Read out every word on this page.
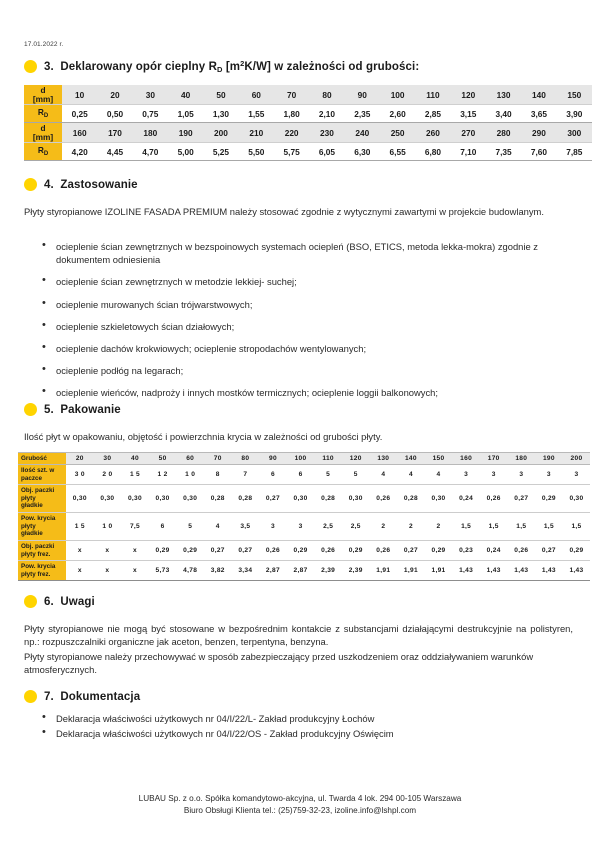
17.01.2022 r.
3. Deklarowany opór cieplny $R_D$ $[m^2K/W]$ w zależności od grubości:
d
[mm]	10	20	30	40	50	60	70	80	90	100	110	120	130	140	150
$R_D$	0,25	0,50	0,75	1,05	1,30	1,55	1,80	2,10	2,35	2,60	2,85	3,15	3,40	3,65	3,90

d
[mm]	160	170	180	190	200	210	220	230	240	250	260	270	280	290	300
$R_D$	4,20	4,45	4,70	5,00	5,25	5,50	5,75	6,05	6,30	6,55	6,80	7,10	7,35	7,60	7,85
4. Zastosowanie
Płyty styropianowe IZOLINE FASADA PREMIUM należy stosować zgodnie z wytycznymi zawartymi w projekcie budowlanym.
• ocieplenie ścian zewnętrznych w bezspoinowych systemach ociepleń (BSO, ETICS, metoda lekka-mokra) zgodnie z dokumentem odniesienia
• ocieplenie ścian zewnętrznych w metodzie lekkiej- suchej;
• ocieplenie murowanych ścian trójwarstwowych;
• ocieplenie szkieletowych ścian działowych;
• ocieplenie dachów krokwiowych; ocieplenie stropodachów wentylowanych;
• ocieplenie podłóg na legarach;
• ocieplenie wieńców, nadproży i innych mostków termicznych; ocieplenie loggii balkonowych;
5. Pakowanie
Ilość płyt w opakowaniu, objętość i powierzchnia krycia w zależności od grubości płyty.
Grubość	20	30	40	50	60	70	80	90	100	110	120	130	140	150	160	170	180	190	200

Ilość szt. w
paczce	3 0	2 0	1 5	1 2	1 0	8	7	6	6	5	5	4	4	4	3	3	3	3	3

Obj. paczki
płyty
gładkie	0,30	0,30	0,30	0,30	0,30	0,28	0,28	0,27	0,30	0,28	0,30	0,26	0,28	0,30	0,24	0,26	0,27	0,29	0,30

Pow. krycia
płyty
gładkie	1 5	1 0	7,5	6	5	4	3,5	3	3	2,5	2,5	2	2	2	1,5	1,5	1,5	1,5	1,5

Obj. paczki
płyty frez.	x	x	x	0,29	0,29	0,27	0,27	0,26	0,29	0,26	0,29	0,26	0,27	0,29	0,23	0,24	0,26	0,27	0,29

Pow. krycia
płyty frez.	x	x	x	5,73	4,78	3,82	3,34	2,87	2,87	2,39	2,39	1,91	1,91	1,91	1,43	1,43	1,43	1,43	1,43
6. Uwagi
Płyty styropianowe nie mogą być stosowane w bezpośrednim kontakcie z substancjami działającymi destrukcyjnie na polistyren, np.: rozpuszczalniki organiczne jak aceton, benzen, terpentyna, benzyna.
Płyty styropianowe należy przechowywać w sposób zabezpieczający przed uszkodzeniem oraz oddziaływaniem warunków atmosferycznych.
7. Dokumentacja
• Deklaracja właściwości użytkowych nr 04/I/22/L- Zakład produkcyjny Łochów
• Deklaracja właściwości użytkowych nr 04/I/22/OS - Zakład produkcyjny Oświęcim
LUBAU Sp. z o.o. Spółka komandytowo-akcyjna, ul. Twarda 4 lok. 294 00-105 Warszawa
Biuro Obsługi Klienta tel.: (25)759-32-23, izoline.info@lshpl.com
